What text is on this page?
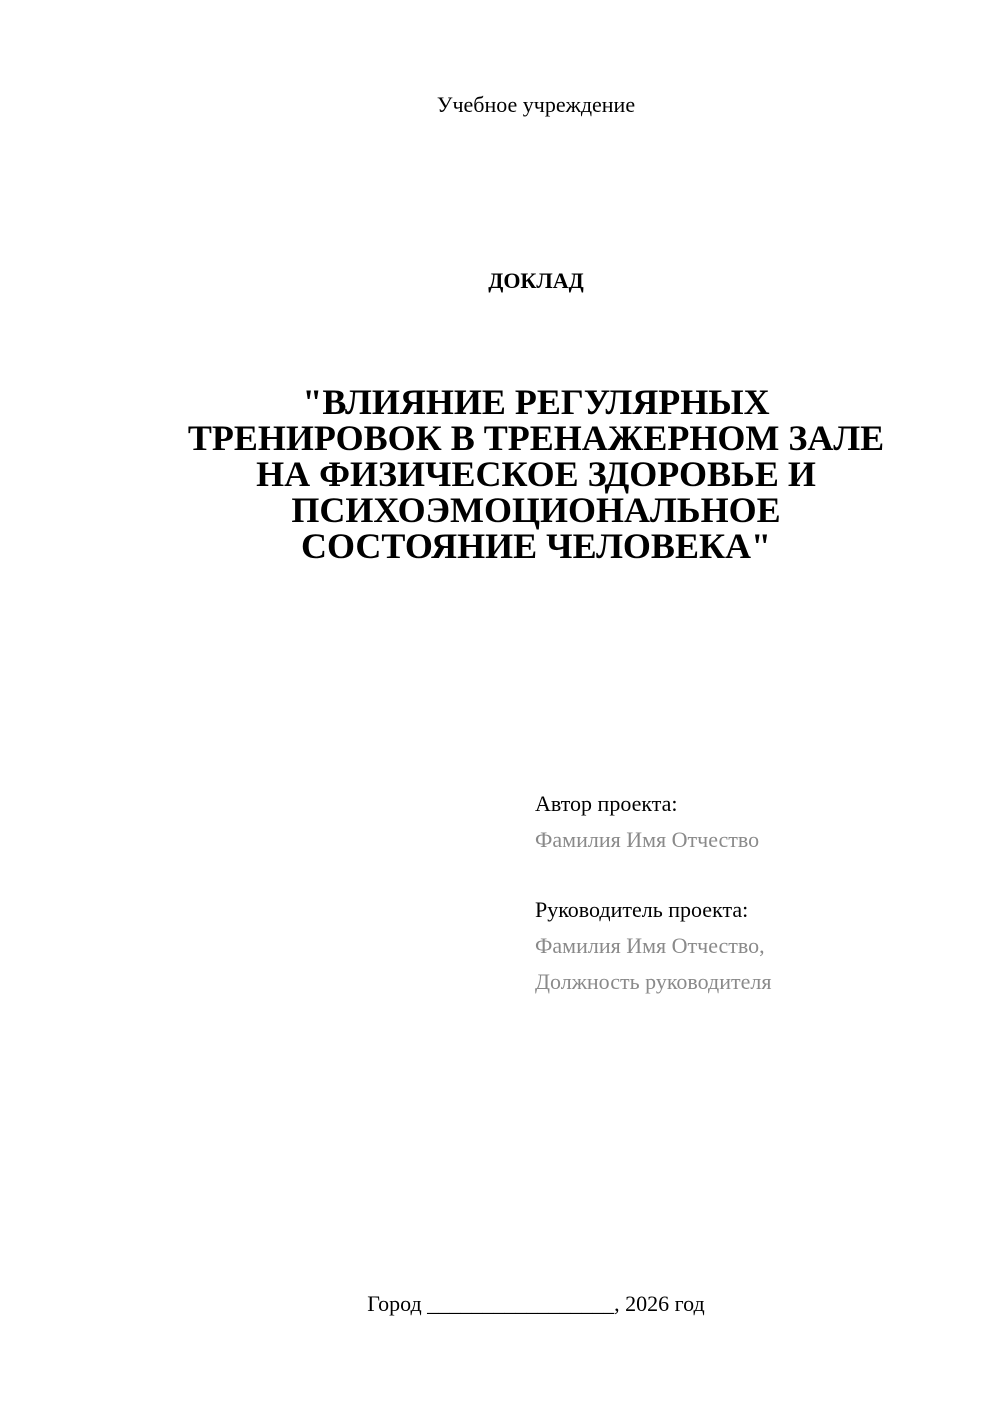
Учебное учреждение
ДОКЛАД
"ВЛИЯНИЕ РЕГУЛЯРНЫХ
ТРЕНИРОВОК В ТРЕНАЖЕРНОМ ЗАЛЕ
НА ФИЗИЧЕСКОЕ ЗДОРОВЬЕ И
ПСИХОЭМОЦИОНАЛЬНОЕ
СОСТОЯНИЕ ЧЕЛОВЕКА"
Автор проекта:
Фамилия Имя Отчество
Руководитель проекта:
Фамилия Имя Отчество,
Должность руководителя
Город _________________, 2026 год
